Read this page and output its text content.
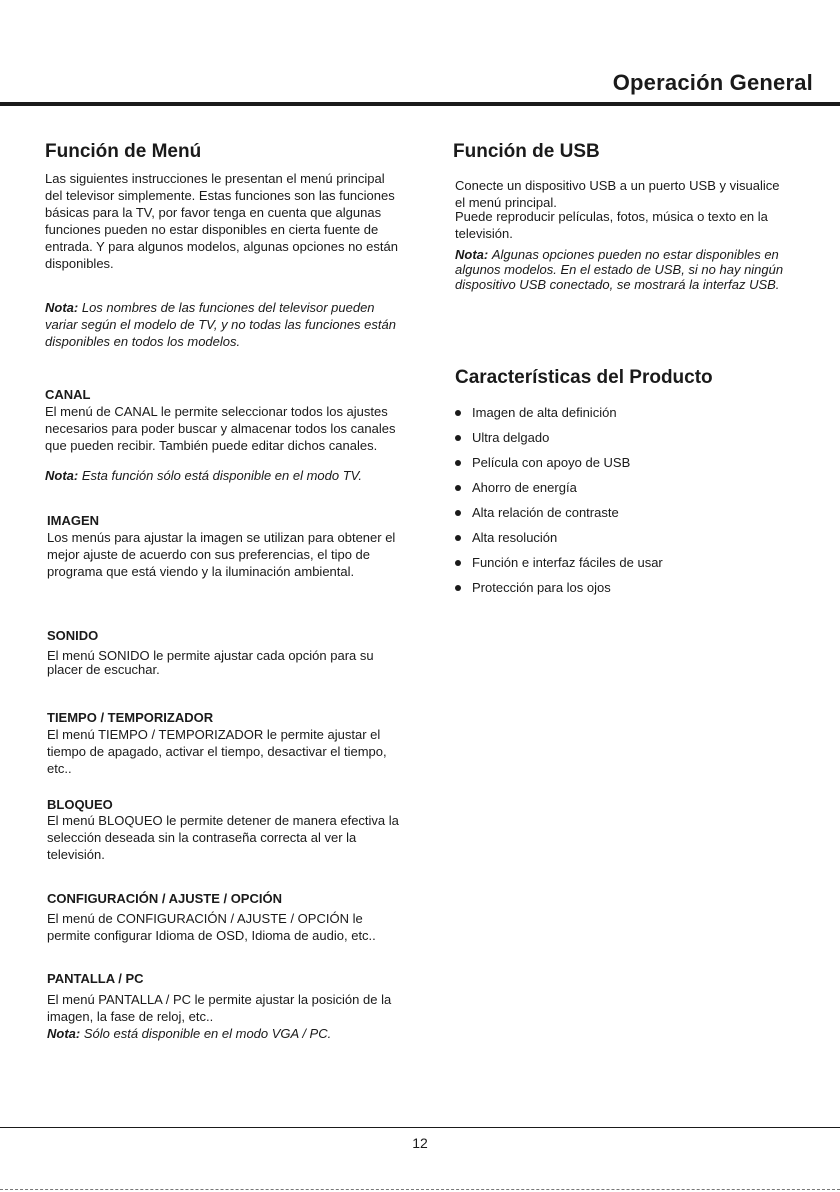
Operación General
Función de Menú

Las siguientes instrucciones le presentan el menú principal del televisor simplemente. Estas funciones son las funciones básicas para la TV, por favor tenga en cuenta que algunas funciones pueden no estar disponibles en cierta fuente de entrada. Y para algunos modelos, algunas opciones no están disponibles.

Nota: Los nombres de las funciones del televisor pueden variar según el modelo de TV, y no todas las funciones están disponibles en todos los modelos.

CANAL

El menú de CANAL le permite seleccionar todos los ajustes necesarios para poder buscar y almacenar todos los canales que pueden recibir. También puede editar dichos canales.

Nota: Esta función sólo está disponible en el modo TV.

IMAGEN

Los menús para ajustar la imagen se utilizan para obtener el mejor ajuste de acuerdo con sus preferencias, el tipo de programa que está viendo y la iluminación ambiental.

SONIDO

El menú SONIDO le permite ajustar cada opción para su placer de escuchar.

TIEMPO / TEMPORIZADOR

El menú TIEMPO / TEMPORIZADOR le permite ajustar el tiempo de apagado, activar el tiempo, desactivar el tiempo, etc..

BLOQUEO

El menú BLOQUEO le permite detener de manera efectiva la selección deseada sin la contraseña correcta al ver la televisión.

CONFIGURACIÓN / AJUSTE / OPCIÓN

El menú de CONFIGURACIÓN / AJUSTE / OPCIÓN le permite configurar Idioma de OSD, Idioma de audio, etc..

PANTALLA / PC

El menú PANTALLA / PC le permite ajustar la posición de la imagen, la fase de reloj, etc..

Nota: Sólo está disponible en el modo VGA / PC.

Función de USB

Conecte un dispositivo USB a un puerto USB y visualice el menú principal.

Puede reproducir películas, fotos, música o texto en la televisión.

Nota: Algunas opciones pueden no estar disponibles en algunos modelos. En el estado de USB, si no hay ningún dispositivo USB conectado, se mostrará la interfaz USB.

Características del Producto
Imagen de alta definición
Ultra delgado
Película con apoyo de USB
Ahorro de energía
Alta relación de contraste
Alta resolución
Función e interfaz fáciles de usar
Protección para los ojos
12
